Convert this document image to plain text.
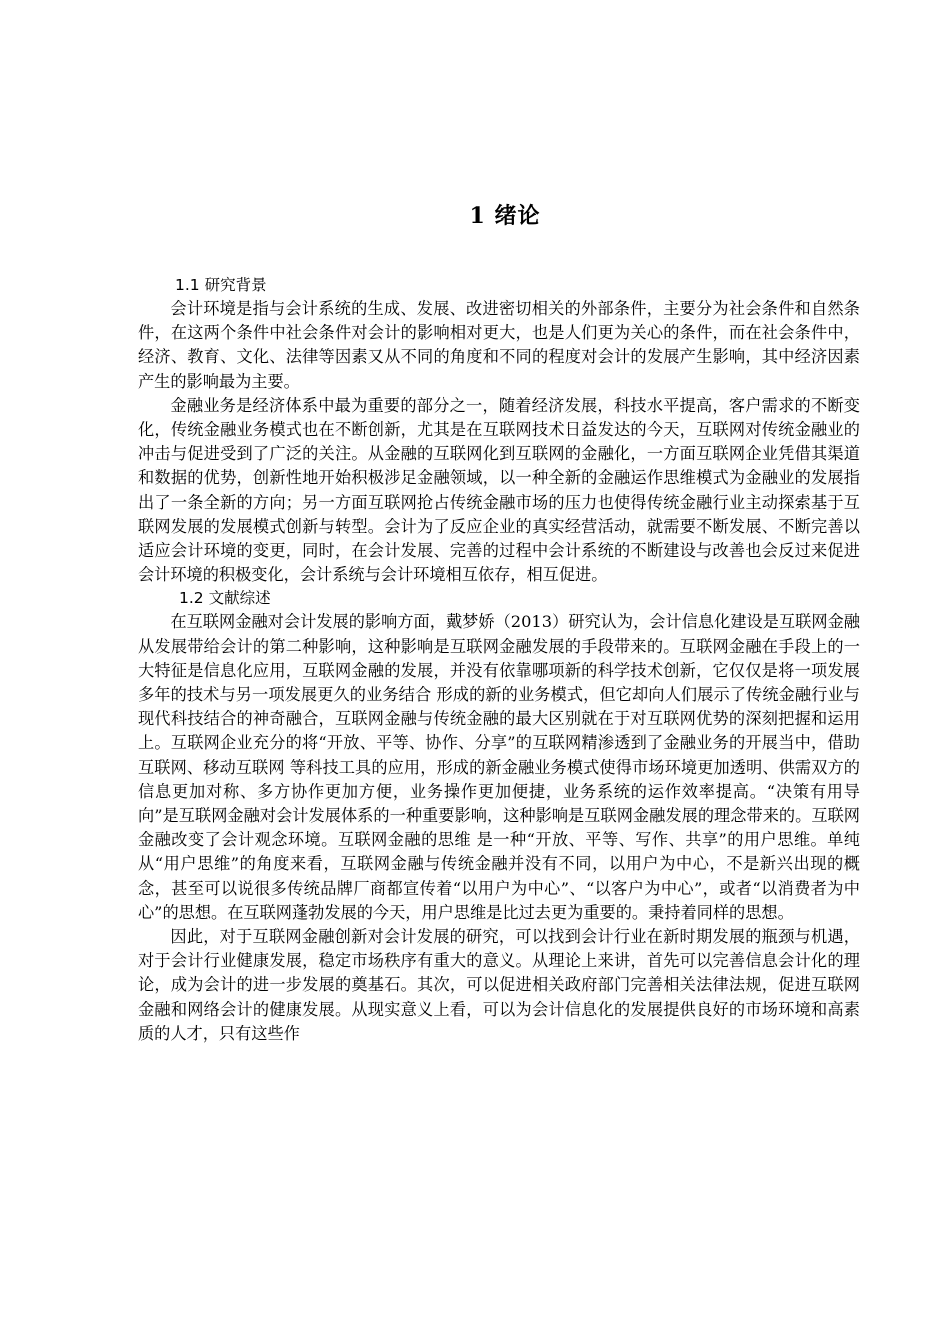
1 绪论

1.1 研究背景

会计环境是指与会计系统的生成、发展、改进密切相关的外部条件，主要分为社会条件和自然条件，在这两个条件中社会条件对会计的影响相对更大，也是人们更为关心的条件，而在社会条件中，经济、教育、文化、法律等因素又从不同的角度和不同的程度对会计的发展产生影响，其中经济因素产生的影响最为主要。

金融业务是经济体系中最为重要的部分之一，随着经济发展，科技水平提高，客户需求的不断变化，传统金融业务模式也在不断创新，尤其是在互联网技术日益发达的今天，互联网对传统金融业的冲击与促进受到了广泛的关注。从金融的互联网化到互联网的金融化，一方面互联网企业凭借其渠道和数据的优势，创新性地开始积极涉足金融领域，以一种全新的金融运作思维模式为金融业的发展指出了一条全新的方向；另一方面互联网抢占传统金融市场的压力也使得传统金融行业主动探索基于互联网发展的发展模式创新与转型。会计为了反应企业的真实经营活动，就需要不断发展、不断完善以适应会计环境的变更，同时，在会计发展、完善的过程中会计系统的不断建设与改善也会反过来促进会计环境的积极变化，会计系统与会计环境相互依存，相互促进。

1.2 文献综述

在互联网金融对会计发展的影响方面，戴梦娇（2013）研究认为，会计信息化建设是互联网金融从发展带给会计的第二种影响，这种影响是互联网金融发展的手段带来的。互联网金融在手段上的一大特征是信息化应用，互联网金融的发展，并没有依靠哪项新的科学技术创新，它仅仅是将一项发展多年的技术与另一项发展更久的业务结合 形成的新的业务模式，但它却向人们展示了传统金融行业与现代科技结合的神奇融合，互联网金融与传统金融的最大区别就在于对互联网优势的深刻把握和运用上。互联网企业充分的将“开放、平等、协作、分享”的互联网精渗透到了金融业务的开展当中，借助互联网、移动互联网 等科技工具的应用，形成的新金融业务模式使得市场环境更加透明、供需双方的信息更加对称、多方协作更加方便，业务操作更加便捷，业务系统的运作效率提高。“决策有用导向”是互联网金融对会计发展体系的一种重要影响，这种影响是互联网金融发展的理念带来的。互联网金融改变了会计观念环境。互联网金融的思维 是一种“开放、平等、写作、共享”的用户思维。单纯从“用户思维”的角度来看，互联网金融与传统金融并没有不同，以用户为中心，不是新兴出现的概念，甚至可以说很多传统品牌厂商都宣传着“以用户为中心”、“以客户为中心”，或者“以消费者为中心”的思想。在互联网蓬勃发展的今天，用户思维是比过去更为重要的。秉持着同样的思想。

因此，对于互联网金融创新对会计发展的研究，可以找到会计行业在新时期发展的瓶颈与机遇，对于会计行业健康发展，稳定市场秩序有重大的意义。从理论上来讲，首先可以完善信息会计化的理论，成为会计的进一步发展的奠基石。其次，可以促进相关政府部门完善相关法律法规，促进互联网金融和网络会计的健康发展。从现实意义上看，可以为会计信息化的发展提供良好的市场环境和高素质的人才，只有这些作
